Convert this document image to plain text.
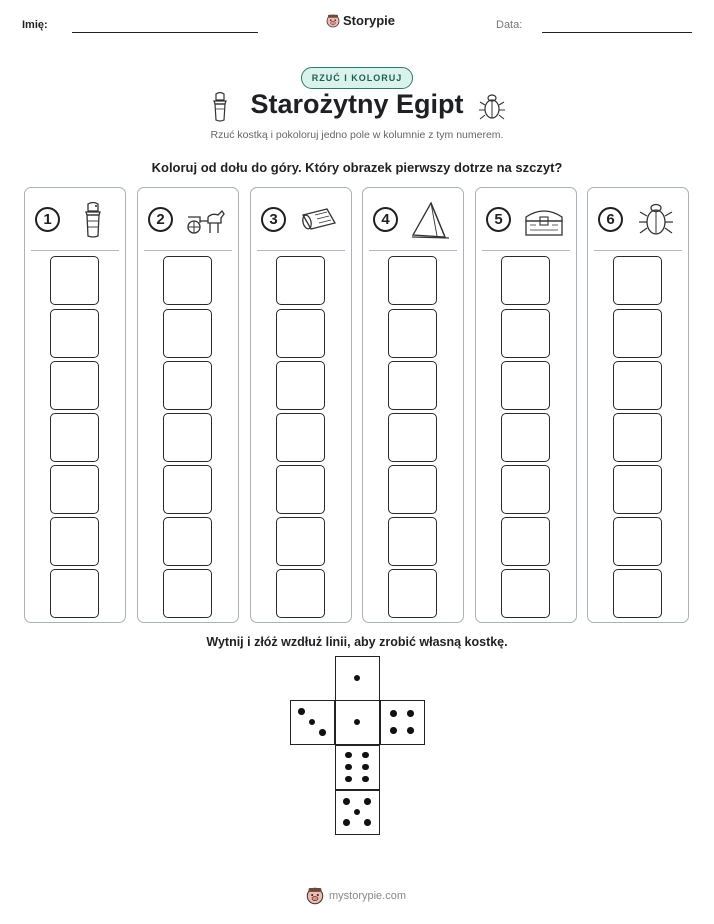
Imię:	Storypie	Data:
RZUĆ I KOLORUJ
Starożytny Egipt
Rzuć kostką i pokoloruj jedno pole w kolumnie z tym numerem.
Koloruj od dołu do góry. Który obrazek pierwszy dotrze na szczyt?
1	2	3	4	5	6
Wytnij i złóż wzdłuż linii, aby zrobić własną kostkę.
mystorypie.com
